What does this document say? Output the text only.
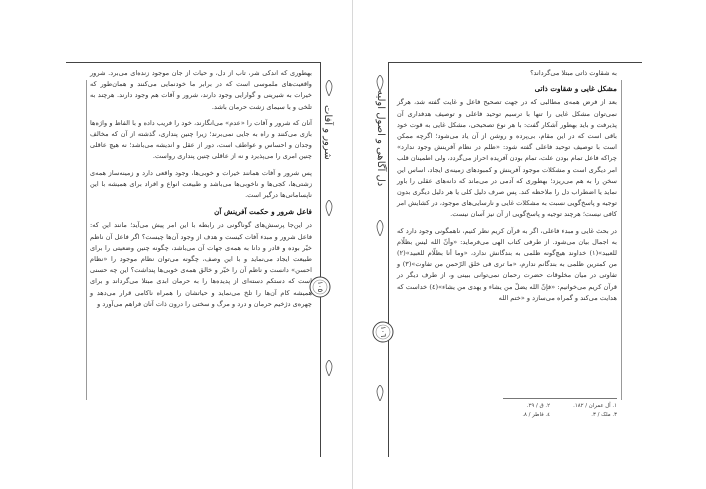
شرور و آفات
١٠٥

بهطوری که اندکی شر، تاب از دل، و حیات از جان موجود زنده‌ای می‌برد. شرور واقعیت‌های ملموسی است که در برابر ما خودنمایی می‌کنند و همان‌طور که خیرات به شیرینی و گوارایی وجود دارند، شرور و آفات هم وجود دارند. هرچند به تلخی و با سیمای زشت حرمان باشد.

آنان که شرور و آفات را «عدم» می‌انگارند، خود را فریب داده و با الفاظ و واژه‌ها بازی می‌کنند و راه به جایی نمی‌برند؛ زیرا چنین پنداری، گذشته از آن که مخالف وجدان و احساس و عواطف است، دور از عقل و اندیشه می‌باشد؛ نه هیچ عاقلی چنین امری را می‌پذیرد و نه از عاقلی چنین پنداری رواست.

پس شرور و آفات همانند خیرات و خوبی‌ها، وجود واقعی دارد و زمینه‌ساز همه‌ی زشتی‌ها، کجی‌ها و ناخوبی‌ها می‌باشد و طبیعت انواع و افراد برای همیشه با این ناپسامانی‌ها درگیر است.

فاعل شرور و حکمت آفرینش آن

در این‌جا پرسش‌های گوناگونی در رابطه با این امر پیش می‌آید؛ مانند این که: فاعل شرور و مبدء آفات کیست و هدف از وجود آن‌ها چیست؟ اگر فاعل آن ناظم خیّر بوده و قادر و دانا به همه‌ی جهات آن می‌باشد، چگونه چنین وضعیتی را برای طبیعت ایجاد می‌نماید و با این وصف، چگونه می‌توان نظام موجود را «نظام احسن» دانست و ناظم آن را خیّر و خالق همه‌ی خوبی‌ها پنداشت؟ این چه حسنی است که دستکم دسته‌ای از پدیده‌ها را به حرمان ابدی مبتلا می‌گرداند و برای همیشه کام آن‌ها را تلخ می‌نماید و حیاتشان را همراه ناکامی قرار می‌دهد و چهره‌ی دژخیم حرمان و درد و مرگ و سختی را درون ذات آنان فراهم می‌آورد و

دل آگاهی و اصول اولیه
١٠٦

به شقاوت ذاتی مبتلا می‌گرداند؟

مشکل غایی و شقاوت ذاتی

بعد از فرض همه‌ی مطالبی که در جهت تصحیح فاعل و غایت گفته شد، هرگز نمی‌توان مشکل غایی را تنها با ترسیم توحید فاعلی و توصیف هدفداری آن پذیرفت و باید بهطور آشکار گفت: با هر نوع تصحیحی، مشکل غایی به قوت خود باقی است که در این مقام، بی‌پرده و روشن از آن یاد می‌شود؛ اگرچه ممکن است با توصیف توحید فاعلی گفته شود: «ظلم در نظام آفرینش وجود ندارد» چراکه فاعل تمام بودن علت، تمام بودن آفریده احراز می‌گردد، ولی اطمینان قلب امر دیگری است و مشکلات موجود آفرینش و کمبودهای زمینه‌ی ایجاد، اساس این سخن را به هم می‌ریزد؛ بهطوری که آدمی در می‌ماند که دانه‌های عقلی را باور نماید یا اضطراب دل را ملاحظه کند. پس صرف دلیل کلی یا هر دلیل دیگری بدون توجیه و پاسخ‌گویی نسبت به مشکلات غایی و نارسایی‌های موجود، در کشایش امر کافی نیست؛ هرچند توجیه و پاسخ‌گویی از آن نیز آسان نیست.

در بحث غایی و مبدء فاعلی، اگر به قرآن کریم نظر کنیم، ناهمگونی وجود دارد که به اجمال بیان می‌شود. از طرفی کتاب الهی می‌فرماید: «وأنّ الله لیس بظلّام للعبید»(١) خداوند هیچ‌گونه ظلمی به بندگانش ندارد، «وما أنا بظلّام للعبید»(٢) من کمترین ظلمی به بندگانم ندارم، «ما تری فی خلق الرّحمن من تفاوت»(٣) و تفاوتی در میان مخلوقات حضرت رحمان نمی‌توانی ببینی و، از طرف دیگر در قرآن کریم می‌خوانیم: «فإنّ الله یضلّ من یشاء و یهدی من یشاء»(٤) خداست که هدایت می‌کند و گمراه می‌سازد و «ختم الله

١. آل عمران / ١٨٢.
٢. ق / ٢٩.
٣. ملک / ٣.
٤. فاطر / ٨.
